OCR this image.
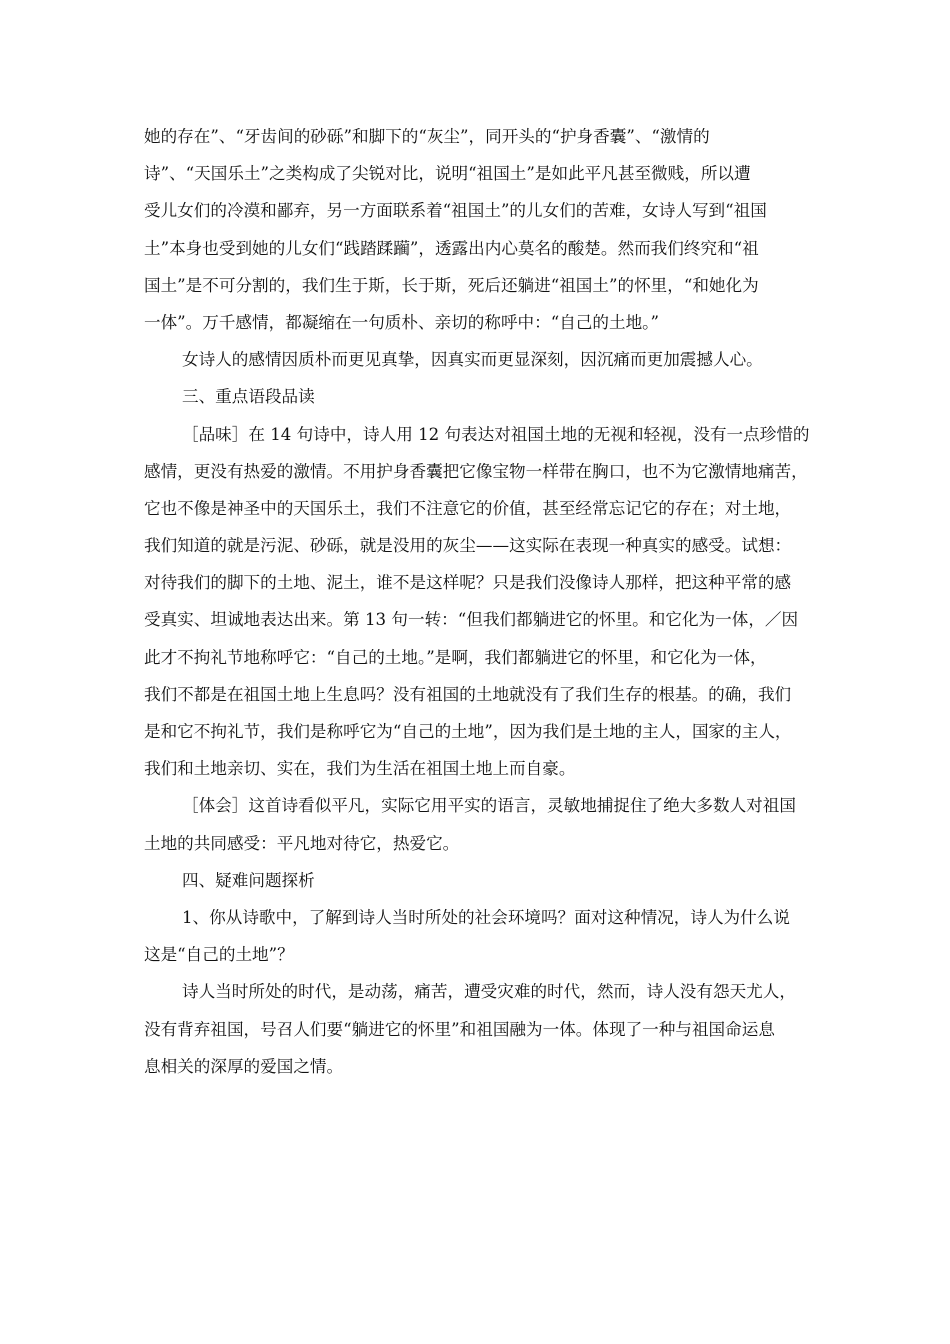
她的存在”、“牙齿间的砂砾”和脚下的“灰尘”，同开头的“护身香囊”、“激情的
诗”、“天国乐土”之类构成了尖锐对比，说明“祖国土”是如此平凡甚至微贱，所以遭
受儿女们的冷漠和鄙弃，另一方面联系着“祖国土”的儿女们的苦难，女诗人写到“祖国
土”本身也受到她的儿女们“践踏蹂躏”，透露出内心莫名的酸楚。然而我们终究和“祖
国土”是不可分割的，我们生于斯，长于斯，死后还躺进“祖国土”的怀里，“和她化为
一体”。万千感情，都凝缩在一句质朴、亲切的称呼中：“自己的土地。”
女诗人的感情因质朴而更见真挚，因真实而更显深刻，因沉痛而更加震撼人心。
三、重点语段品读
［品味］在 14 句诗中，诗人用 12 句表达对祖国土地的无视和轻视，没有一点珍惜的
感情，更没有热爱的激情。不用护身香囊把它像宝物一样带在胸口，也不为它激情地痛苦，
它也不像是神圣中的天国乐土，我们不注意它的价值，甚至经常忘记它的存在；对土地，
我们知道的就是污泥、砂砾，就是没用的灰尘——这实际在表现一种真实的感受。试想：
对待我们的脚下的土地、泥土，谁不是这样呢？只是我们没像诗人那样，把这种平常的感
受真实、坦诚地表达出来。第 13 句一转：“但我们都躺进它的怀里。和它化为一体，／因
此才不拘礼节地称呼它：“自己的土地。”是啊，我们都躺进它的怀里，和它化为一体，
我们不都是在祖国土地上生息吗？没有祖国的土地就没有了我们生存的根基。的确，我们
是和它不拘礼节，我们是称呼它为“自己的土地”，因为我们是土地的主人，国家的主人，
我们和土地亲切、实在，我们为生活在祖国土地上而自豪。
［体会］这首诗看似平凡，实际它用平实的语言，灵敏地捕捉住了绝大多数人对祖国
土地的共同感受：平凡地对待它，热爱它。
四、疑难问题探析
1、你从诗歌中，了解到诗人当时所处的社会环境吗？面对这种情况，诗人为什么说
这是“自己的土地”？
诗人当时所处的时代，是动荡，痛苦，遭受灾难的时代，然而，诗人没有怨天尤人，
没有背弃祖国，号召人们要“躺进它的怀里”和祖国融为一体。体现了一种与祖国命运息
息相关的深厚的爱国之情。
